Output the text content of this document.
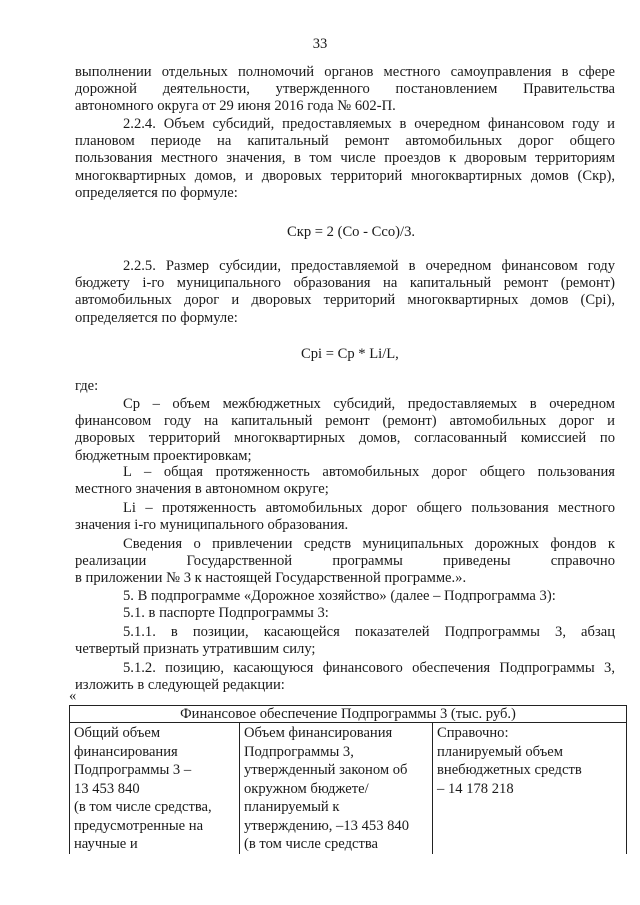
33
выполнении отдельных полномочий органов местного самоуправления в сфере
дорожной деятельности, утвержденного постановлением Правительства
автономного округа от 29 июня 2016 года № 602-П.
2.2.4. Объем субсидий, предоставляемых в очередном финансовом году и
плановом периоде на капитальный ремонт автомобильных дорог общего
пользования местного значения, в том числе проездов к дворовым территориям
многоквартирных домов, и дворовых территорий многоквартирных домов (Cкр),
определяется по формуле:
Cкр = 2 (Co - Cсо)/3.
2.2.5. Размер субсидии, предоставляемой в очередном финансовом году
бюджету i-го муниципального образования на капитальный ремонт (ремонт)
автомобильных дорог и дворовых территорий многоквартирных домов (Cpi),
определяется по формуле:
Cpi = Cр * Li/L,
где:
Cр – объем межбюджетных субсидий, предоставляемых в очередном
финансовом году на капитальный ремонт (ремонт) автомобильных дорог и
дворовых территорий многоквартирных домов, согласованный комиссией по
бюджетным проектировкам;
L – общая протяженность автомобильных дорог общего пользования
местного значения в автономном округе;
Li – протяженность автомобильных дорог общего пользования местного
значения i-го муниципального образования.
Сведения о привлечении средств муниципальных дорожных фондов к
реализации Государственной программы приведены справочно
в приложении № 3 к настоящей Государственной программе.».
5. В подпрограмме «Дорожное хозяйство» (далее – Подпрограмма 3):
5.1. в паспорте Подпрограммы 3:
5.1.1. в позиции, касающейся показателей Подпрограммы 3, абзац
четвертый признать утратившим силу;
5.1.2. позицию, касающуюся финансового обеспечения Подпрограммы 3,
изложить в следующей редакции:
«
Финансовое обеспечение Подпрограммы 3 (тыс. руб.)

Общий объем
финансирования
Подпрограммы 3 –
13 453 840
(в том числе средства,
предусмотренные на
научные и

Объем финансирования
Подпрограммы 3,
утвержденный законом об
окружном бюджете/
планируемый к
утверждению, –13 453 840
(в том числе средства

Справочно:
планируемый объем
внебюджетных средств
– 14 178 218
